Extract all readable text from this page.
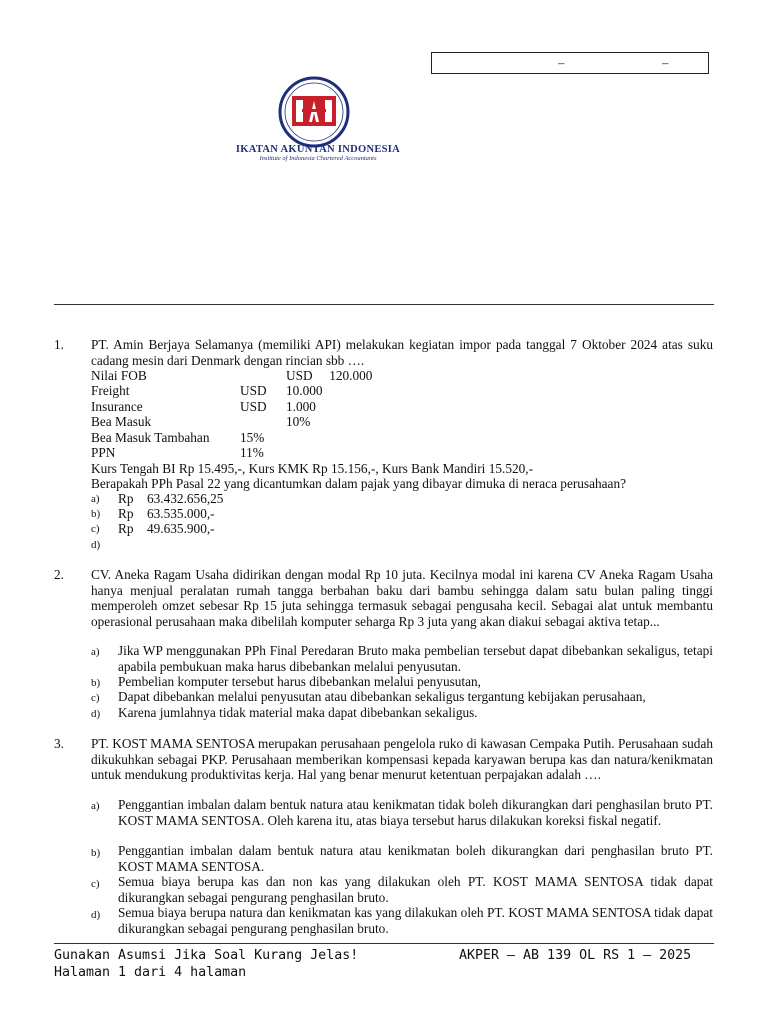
–	–
IKATAN AKUNTAN INDONESIA
Institute of Indonesia Chartered Accountants
1. PT. Amin Berjaya Selamanya (memiliki API) melakukan kegiatan impor pada tanggal 7 Oktober 2024 atas suku cadang mesin dari Denmark dengan rincian sbb ….
Nilai FOB	USD     120.000
Freight	USD 10.000
Insurance	USD 1.000
Bea Masuk	10%
Bea Masuk Tambahan 15%
PPN	11%
Kurs Tengah BI Rp 15.495,-, Kurs KMK Rp 15.156,-, Kurs Bank Mandiri 15.520,-
Berapakah PPh Pasal 22 yang dicantumkan dalam pajak yang dibayar dimuka di neraca perusahaan?
a) Rp 63.432.656,25
b) Rp 63.535.000,-
c) Rp 49.635.900,-
d)
2. CV. Aneka Ragam Usaha didirikan dengan modal Rp 10 juta. Kecilnya modal ini karena CV Aneka Ragam Usaha hanya menjual peralatan rumah tangga berbahan baku dari bambu sehingga dalam satu bulan paling tinggi memperoleh omzet sebesar Rp 15 juta sehingga termasuk sebagai pengusaha kecil. Sebagai alat untuk membantu operasional perusahaan maka dibelilah komputer seharga Rp 3 juta yang akan diakui sebagai aktiva tetap...
a) Jika WP menggunakan PPh Final Peredaran Bruto maka pembelian tersebut dapat dibebankan sekaligus, tetapi apabila pembukuan maka harus dibebankan melalui penyusutan.
b) Pembelian komputer tersebut harus dibebankan melalui penyusutan,
c) Dapat dibebankan melalui penyusutan atau dibebankan sekaligus tergantung kebijakan perusahaan,
d) Karena jumlahnya tidak material maka dapat dibebankan sekaligus.
3. PT. KOST MAMA SENTOSA merupakan perusahaan pengelola ruko di kawasan Cempaka Putih. Perusahaan sudah dikukuhkan sebagai PKP. Perusahaan memberikan kompensasi kepada karyawan berupa kas dan natura/kenikmatan untuk mendukung produktivitas kerja. Hal yang benar menurut ketentuan perpajakan adalah ….
a) Penggantian imbalan dalam bentuk natura atau kenikmatan tidak boleh dikurangkan dari penghasilan bruto PT. KOST MAMA SENTOSA. Oleh karena itu, atas biaya tersebut harus dilakukan koreksi fiskal negatif.
b) Penggantian imbalan dalam bentuk natura atau kenikmatan boleh dikurangkan dari penghasilan bruto PT. KOST MAMA SENTOSA.
c) Semua biaya berupa kas dan non kas yang dilakukan oleh PT. KOST MAMA SENTOSA tidak dapat dikurangkan sebagai pengurang penghasilan bruto.
d) Semua biaya berupa natura dan kenikmatan kas yang dilakukan oleh PT. KOST MAMA SENTOSA tidak dapat dikurangkan sebagai pengurang penghasilan bruto.
Gunakan Asumsi Jika Soal Kurang Jelas!	AKPER – AB 139 OL RS 1 – 2025
Halaman 1 dari 4 halaman
